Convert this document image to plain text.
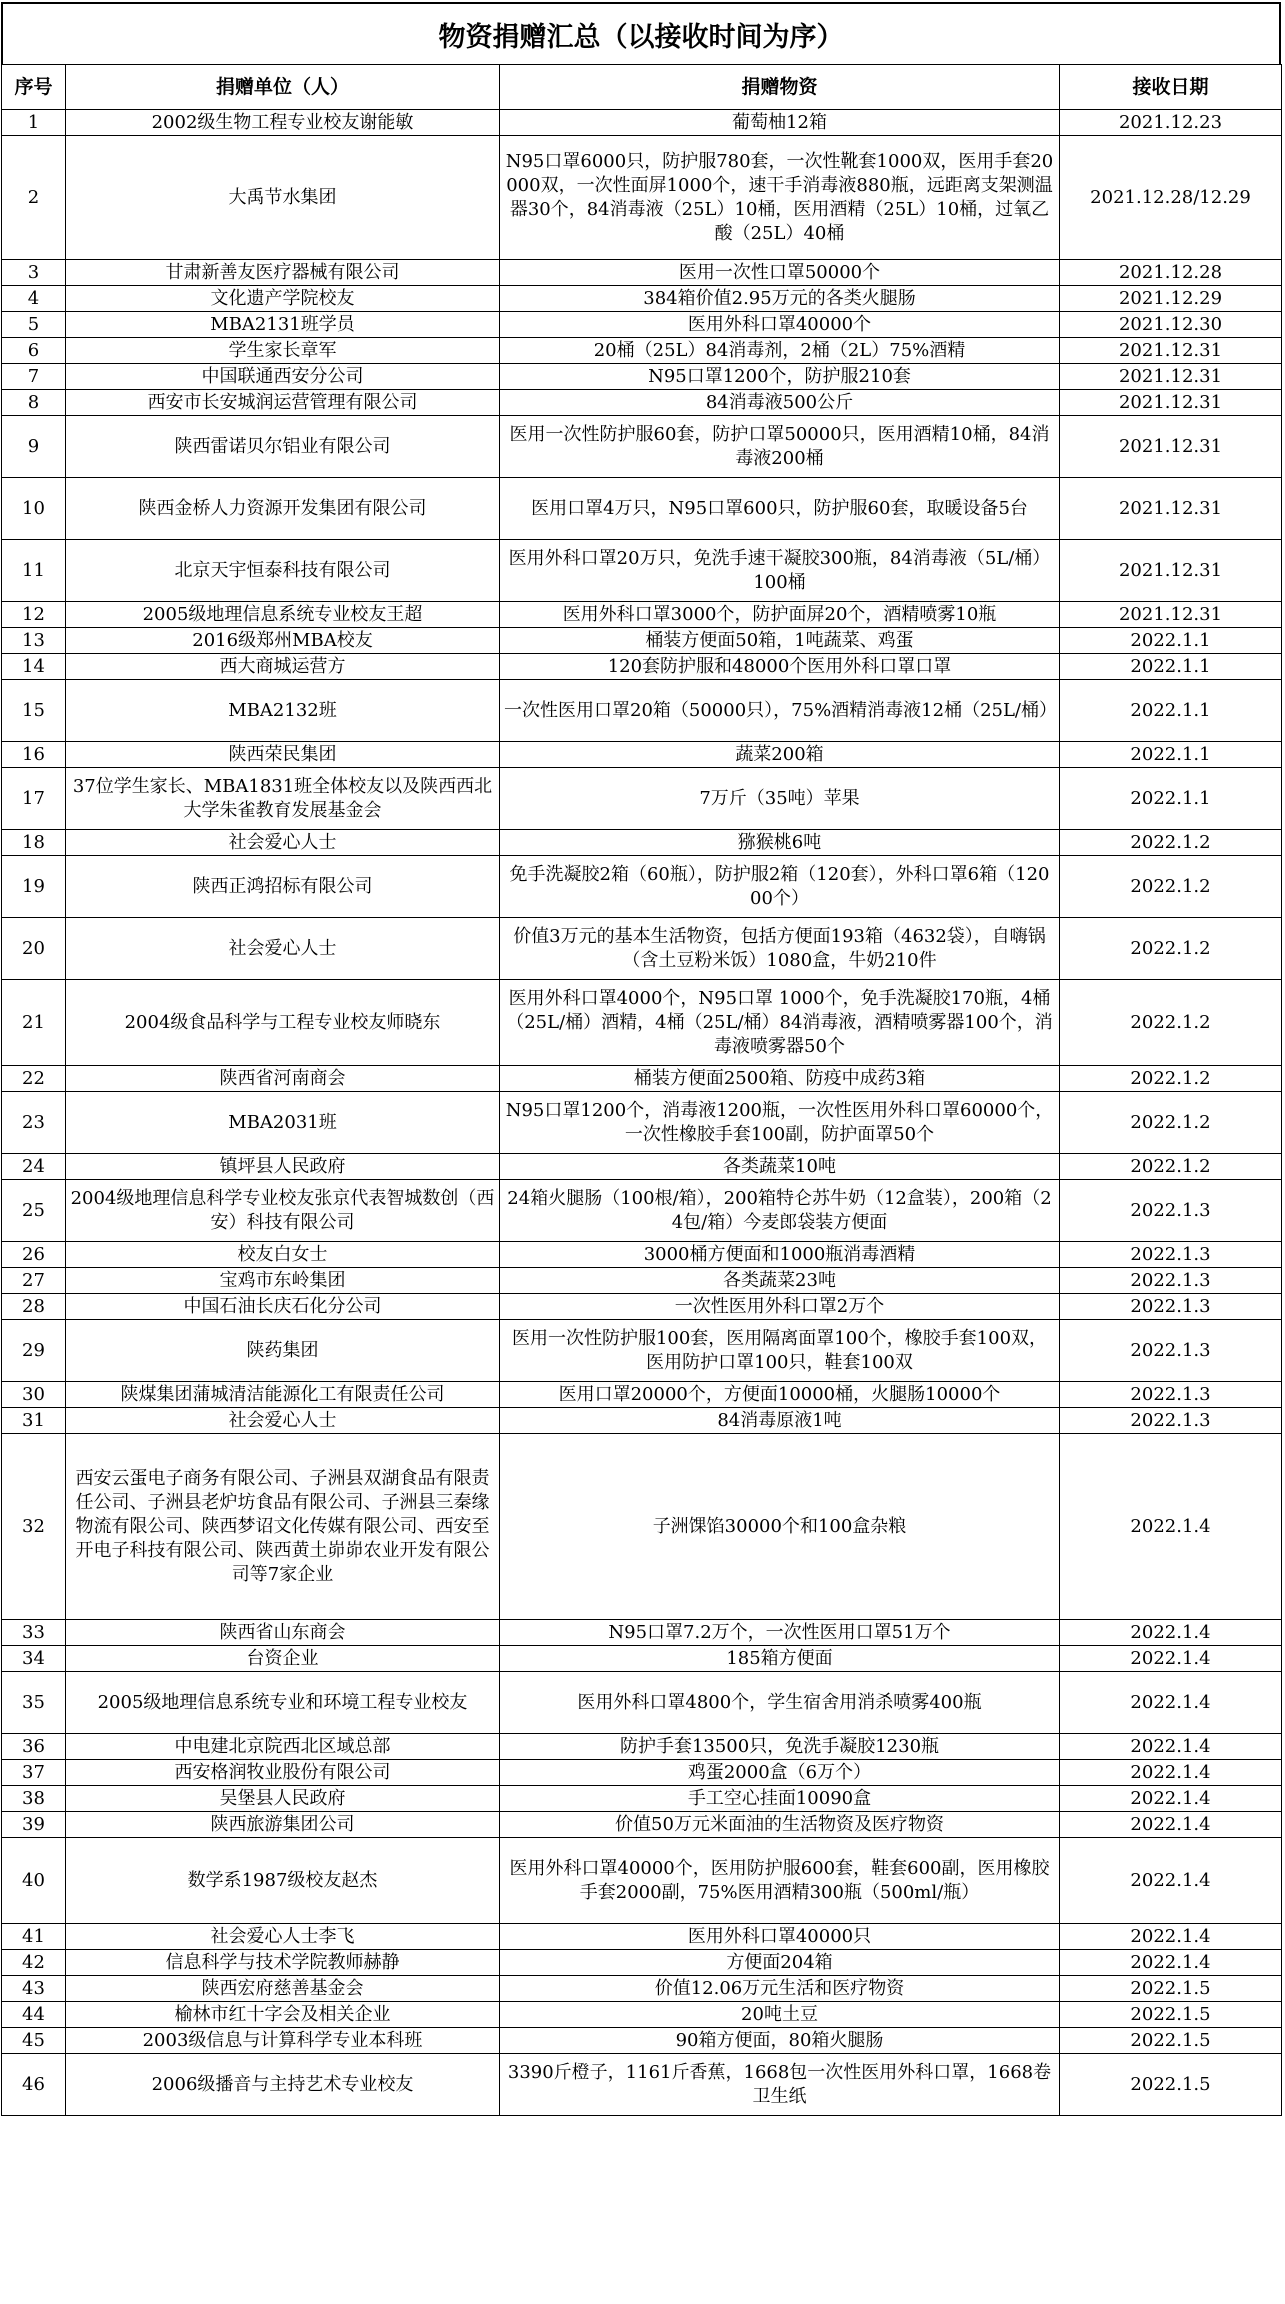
物资捐赠汇总（以接收时间为序）
序号	捐赠单位（人）	捐赠物资	接收日期
1	2002级生物工程专业校友谢能敏	葡萄柚12箱	2021.12.23
2	大禹节水集团	N95口罩6000只，防护服780套，一次性靴套1000双，医用手套20000双，一次性面屏1000个，速干手消毒液880瓶，远距离支架测温器30个，84消毒液（25L）10桶，医用酒精（25L）10桶，过氧乙酸（25L）40桶	2021.12.28/12.29
3	甘肃新善友医疗器械有限公司	医用一次性口罩50000个	2021.12.28
4	文化遗产学院校友	384箱价值2.95万元的各类火腿肠	2021.12.29
5	MBA2131班学员	医用外科口罩40000个	2021.12.30
6	学生家长章军	20桶（25L）84消毒剂，2桶（2L）75%酒精	2021.12.31
7	中国联通西安分公司	N95口罩1200个，防护服210套	2021.12.31
8	西安市长安城润运营管理有限公司	84消毒液500公斤	2021.12.31
9	陕西雷诺贝尔铝业有限公司	医用一次性防护服60套，防护口罩50000只，医用酒精10桶，84消毒液200桶	2021.12.31
10	陕西金桥人力资源开发集团有限公司	医用口罩4万只，N95口罩600只，防护服60套，取暖设备5台	2021.12.31
11	北京天宇恒泰科技有限公司	医用外科口罩20万只，免洗手速干凝胶300瓶，84消毒液（5L/桶）100桶	2021.12.31
12	2005级地理信息系统专业校友王超	医用外科口罩3000个，防护面屏20个，酒精喷雾10瓶	2021.12.31
13	2016级郑州MBA校友	桶装方便面50箱，1吨蔬菜、鸡蛋	2022.1.1
14	西大商城运营方	120套防护服和48000个医用外科口罩口罩	2022.1.1
15	MBA2132班	一次性医用口罩20箱（50000只），75%酒精消毒液12桶（25L/桶）	2022.1.1
16	陕西荣民集团	蔬菜200箱	2022.1.1
17	37位学生家长、MBA1831班全体校友以及陕西西北大学朱雀教育发展基金会	7万斤（35吨）苹果	2022.1.1
18	社会爱心人士	猕猴桃6吨	2022.1.2
19	陕西正鸿招标有限公司	免手洗凝胶2箱（60瓶），防护服2箱（120套），外科口罩6箱（12000个）	2022.1.2
20	社会爱心人士	价值3万元的基本生活物资，包括方便面193箱（4632袋），自嗨锅（含土豆粉米饭）1080盒，牛奶210件	2022.1.2
21	2004级食品科学与工程专业校友师晓东	医用外科口罩4000个，N95口罩 1000个，免手洗凝胶170瓶，4桶（25L/桶）酒精，4桶（25L/桶）84消毒液，酒精喷雾器100个，消毒液喷雾器50个	2022.1.2
22	陕西省河南商会	桶装方便面2500箱、防疫中成药3箱	2022.1.2
23	MBA2031班	N95口罩1200个，消毒液1200瓶，一次性医用外科口罩60000个，一次性橡胶手套100副，防护面罩50个	2022.1.2
24	镇坪县人民政府	各类蔬菜10吨	2022.1.2
25	2004级地理信息科学专业校友张京代表智城数创（西安）科技有限公司	24箱火腿肠（100根/箱），200箱特仑苏牛奶（12盒装），200箱（24包/箱）今麦郎袋装方便面	2022.1.3
26	校友白女士	3000桶方便面和1000瓶消毒酒精	2022.1.3
27	宝鸡市东岭集团	各类蔬菜23吨	2022.1.3
28	中国石油长庆石化分公司	一次性医用外科口罩2万个	2022.1.3
29	陕药集团	医用一次性防护服100套，医用隔离面罩100个，橡胶手套100双，医用防护口罩100只，鞋套100双	2022.1.3
30	陕煤集团蒲城清洁能源化工有限责任公司	医用口罩20000个，方便面10000桶，火腿肠10000个	2022.1.3
31	社会爱心人士	84消毒原液1吨	2022.1.3
32	西安云蛋电子商务有限公司、子洲县双湖食品有限责任公司、子洲县老炉坊食品有限公司、子洲县三秦缘物流有限公司、陕西梦诏文化传媒有限公司、西安至开电子科技有限公司、陕西黄土峁峁农业开发有限公司等7家企业	子洲馃馅30000个和100盒杂粮	2022.1.4
33	陕西省山东商会	N95口罩7.2万个，一次性医用口罩51万个	2022.1.4
34	台资企业	185箱方便面	2022.1.4
35	2005级地理信息系统专业和环境工程专业校友	医用外科口罩4800个，学生宿舍用消杀喷雾400瓶	2022.1.4
36	中电建北京院西北区域总部	防护手套13500只，免洗手凝胶1230瓶	2022.1.4
37	西安格润牧业股份有限公司	鸡蛋2000盒（6万个）	2022.1.4
38	吴堡县人民政府	手工空心挂面10090盒	2022.1.4
39	陕西旅游集团公司	价值50万元米面油的生活物资及医疗物资	2022.1.4
40	数学系1987级校友赵杰	医用外科口罩40000个，医用防护服600套，鞋套600副，医用橡胶手套2000副，75%医用酒精300瓶（500ml/瓶）	2022.1.4
41	社会爱心人士李飞	医用外科口罩40000只	2022.1.4
42	信息科学与技术学院教师赫静	方便面204箱	2022.1.4
43	陕西宏府慈善基金会	价值12.06万元生活和医疗物资	2022.1.5
44	榆林市红十字会及相关企业	20吨土豆	2022.1.5
45	2003级信息与计算科学专业本科班	90箱方便面，80箱火腿肠	2022.1.5
46	2006级播音与主持艺术专业校友	3390斤橙子，1161斤香蕉，1668包一次性医用外科口罩，1668卷卫生纸	2022.1.5
